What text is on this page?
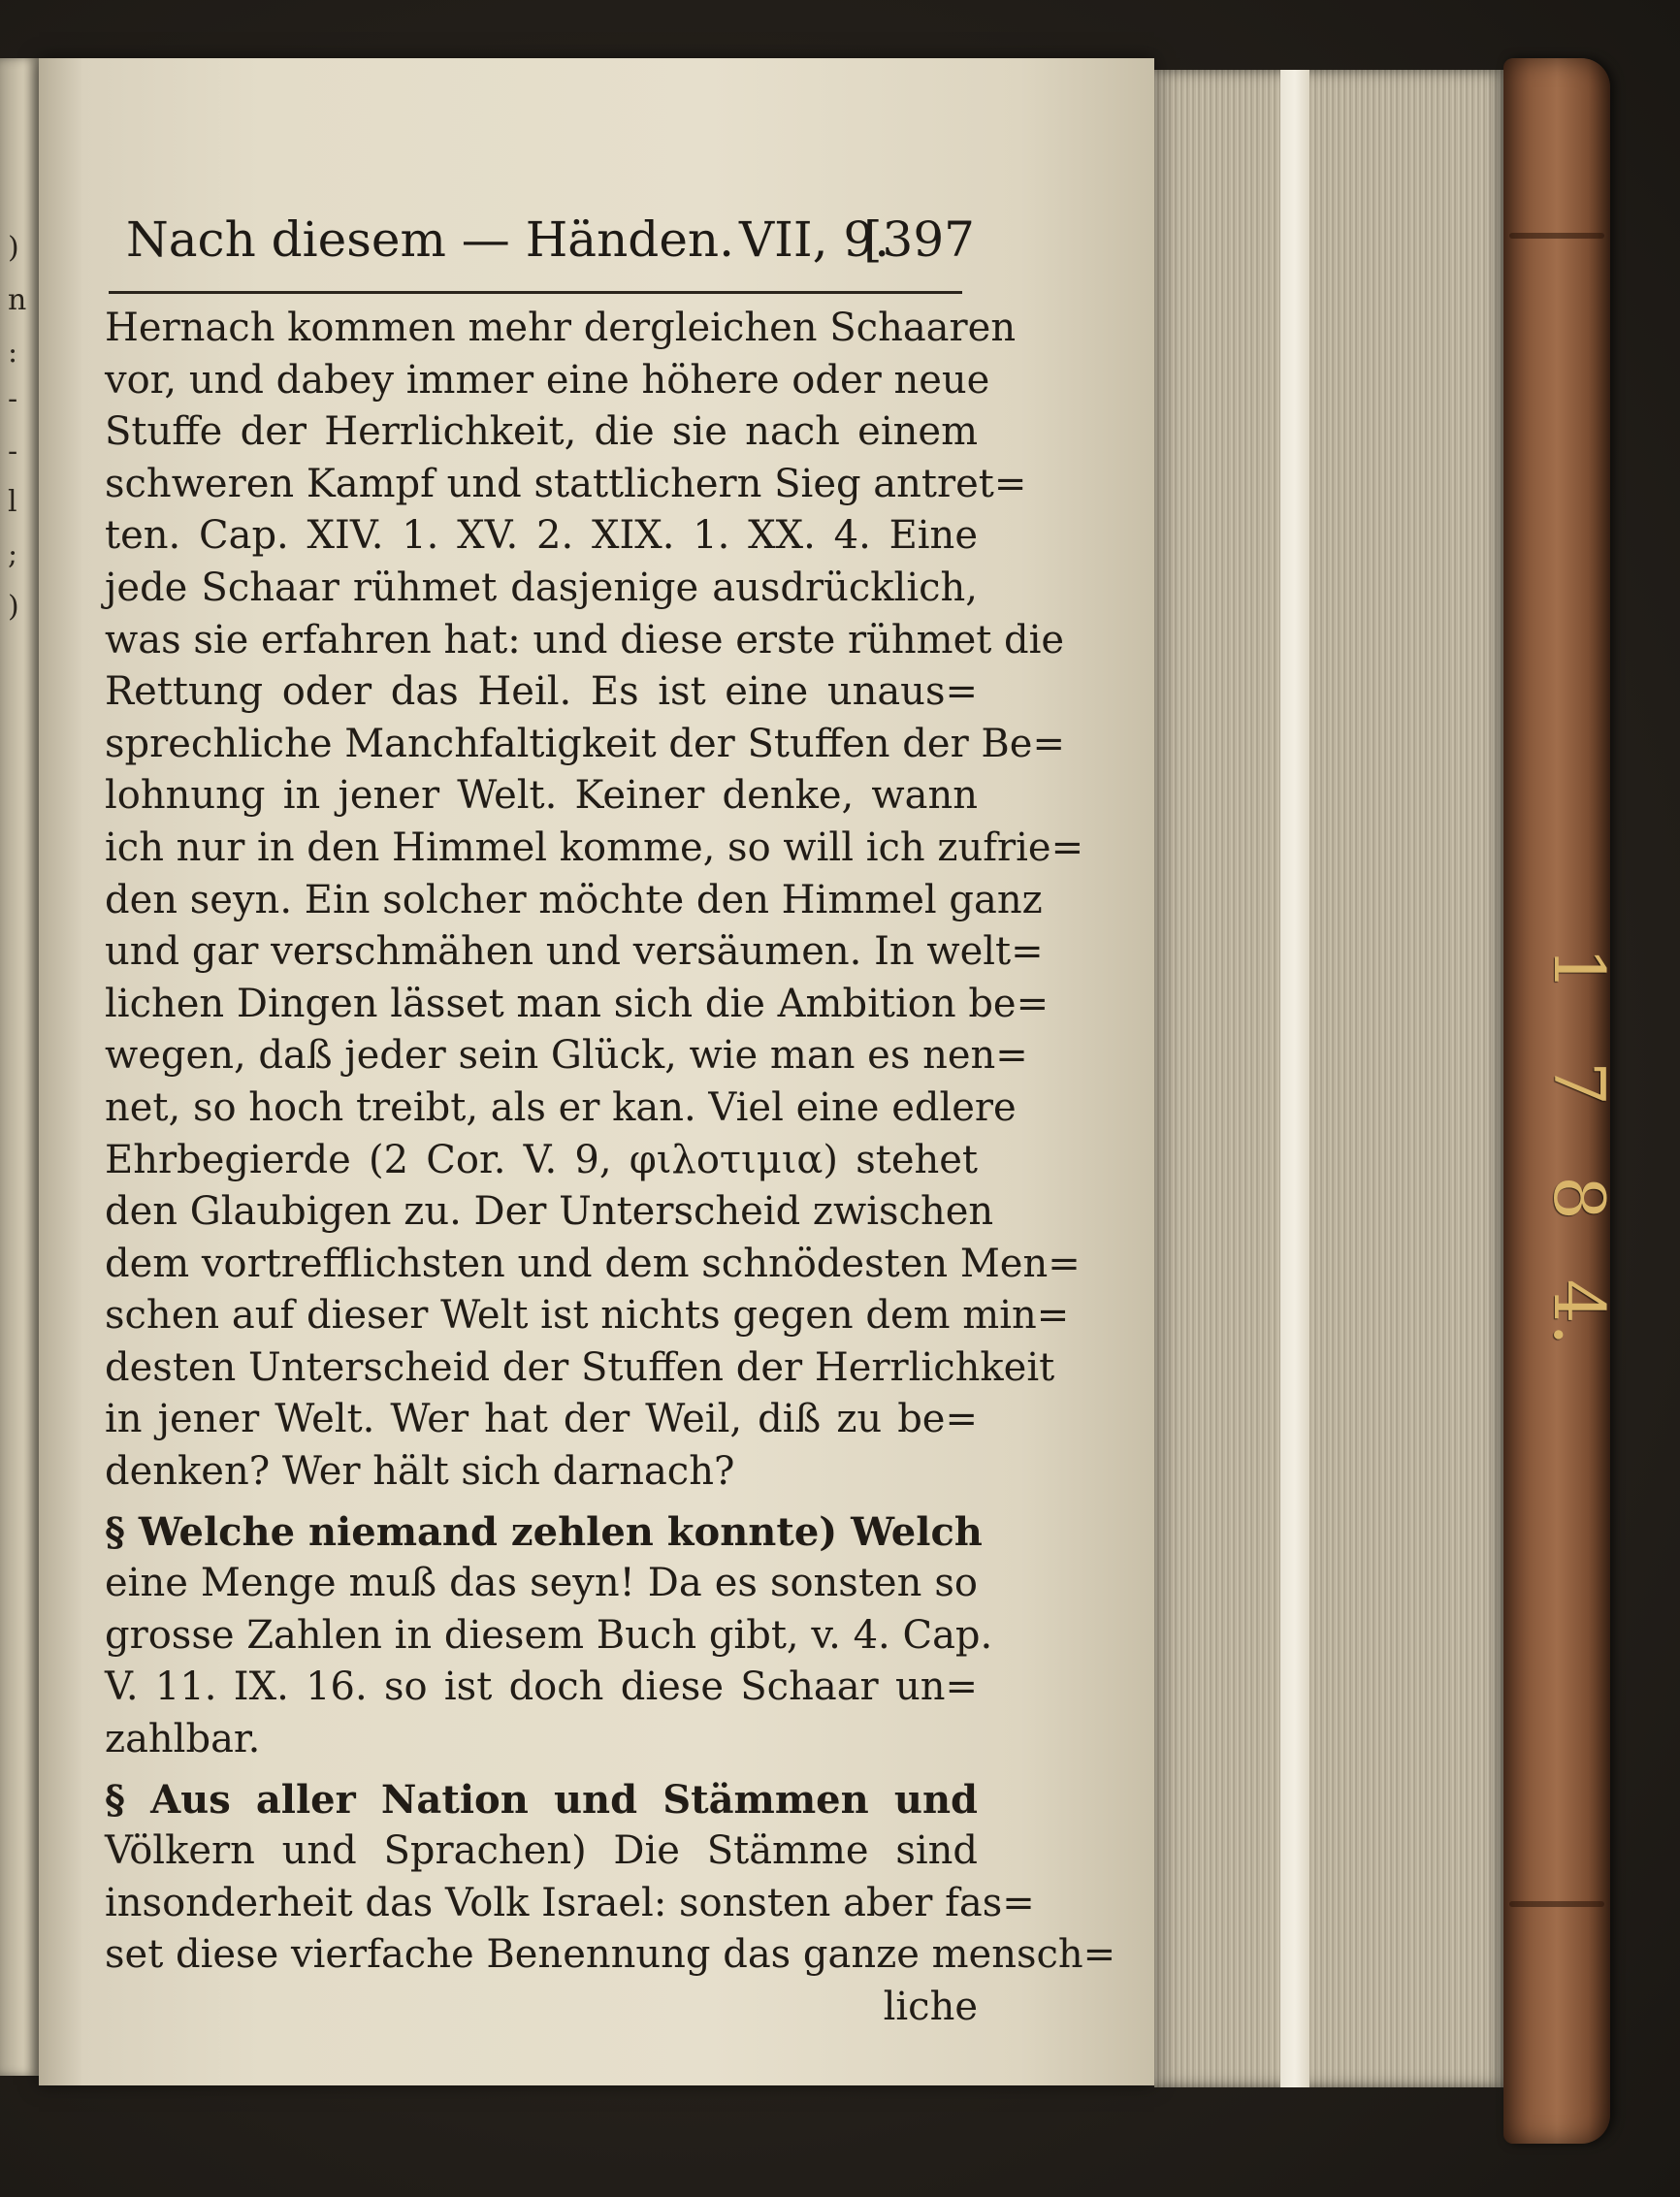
)
n
:
-
-
l
;
)
Nach diesem — Händen. VII, 9.
[397
Hernach kommen mehr dergleichen Schaaren
vor, und dabey immer eine höhere oder neue
Stuffe der Herrlichkeit, die sie nach einem
schweren Kampf und stattlichern Sieg antret=
ten. Cap. XIV. 1. XV. 2. XIX. 1. XX. 4. Eine
jede Schaar rühmet dasjenige ausdrücklich,
was sie erfahren hat: und diese erste rühmet die
Rettung oder das Heil. Es ist eine unaus=
sprechliche Manchfaltigkeit der Stuffen der Be=
lohnung in jener Welt. Keiner denke, wann
ich nur in den Himmel komme, so will ich zufrie=
den seyn. Ein solcher möchte den Himmel ganz
und gar verschmähen und versäumen. In welt=
lichen Dingen lässet man sich die Ambition be=
wegen, daß jeder sein Glück, wie man es nen=
net, so hoch treibt, als er kan. Viel eine edlere
Ehrbegierde (2 Cor. V. 9, φιλοτιμια) stehet
den Glaubigen zu. Der Unterscheid zwischen
dem vortrefflichsten und dem schnödesten Men=
schen auf dieser Welt ist nichts gegen dem min=
desten Unterscheid der Stuffen der Herrlichkeit
in jener Welt. Wer hat der Weil, diß zu be=
denken? Wer hält sich darnach?
§ Welche niemand zehlen konnte) Welch
eine Menge muß das seyn! Da es sonsten so
grosse Zahlen in diesem Buch gibt, v. 4. Cap.
V. 11. IX. 16. so ist doch diese Schaar un=
zahlbar.
§ Aus aller Nation und Stämmen und
Völkern und Sprachen) Die Stämme sind
insonderheit das Volk Israel: sonsten aber fas=
set diese vierfache Benennung das ganze mensch=
liche
1
7
8
4.
